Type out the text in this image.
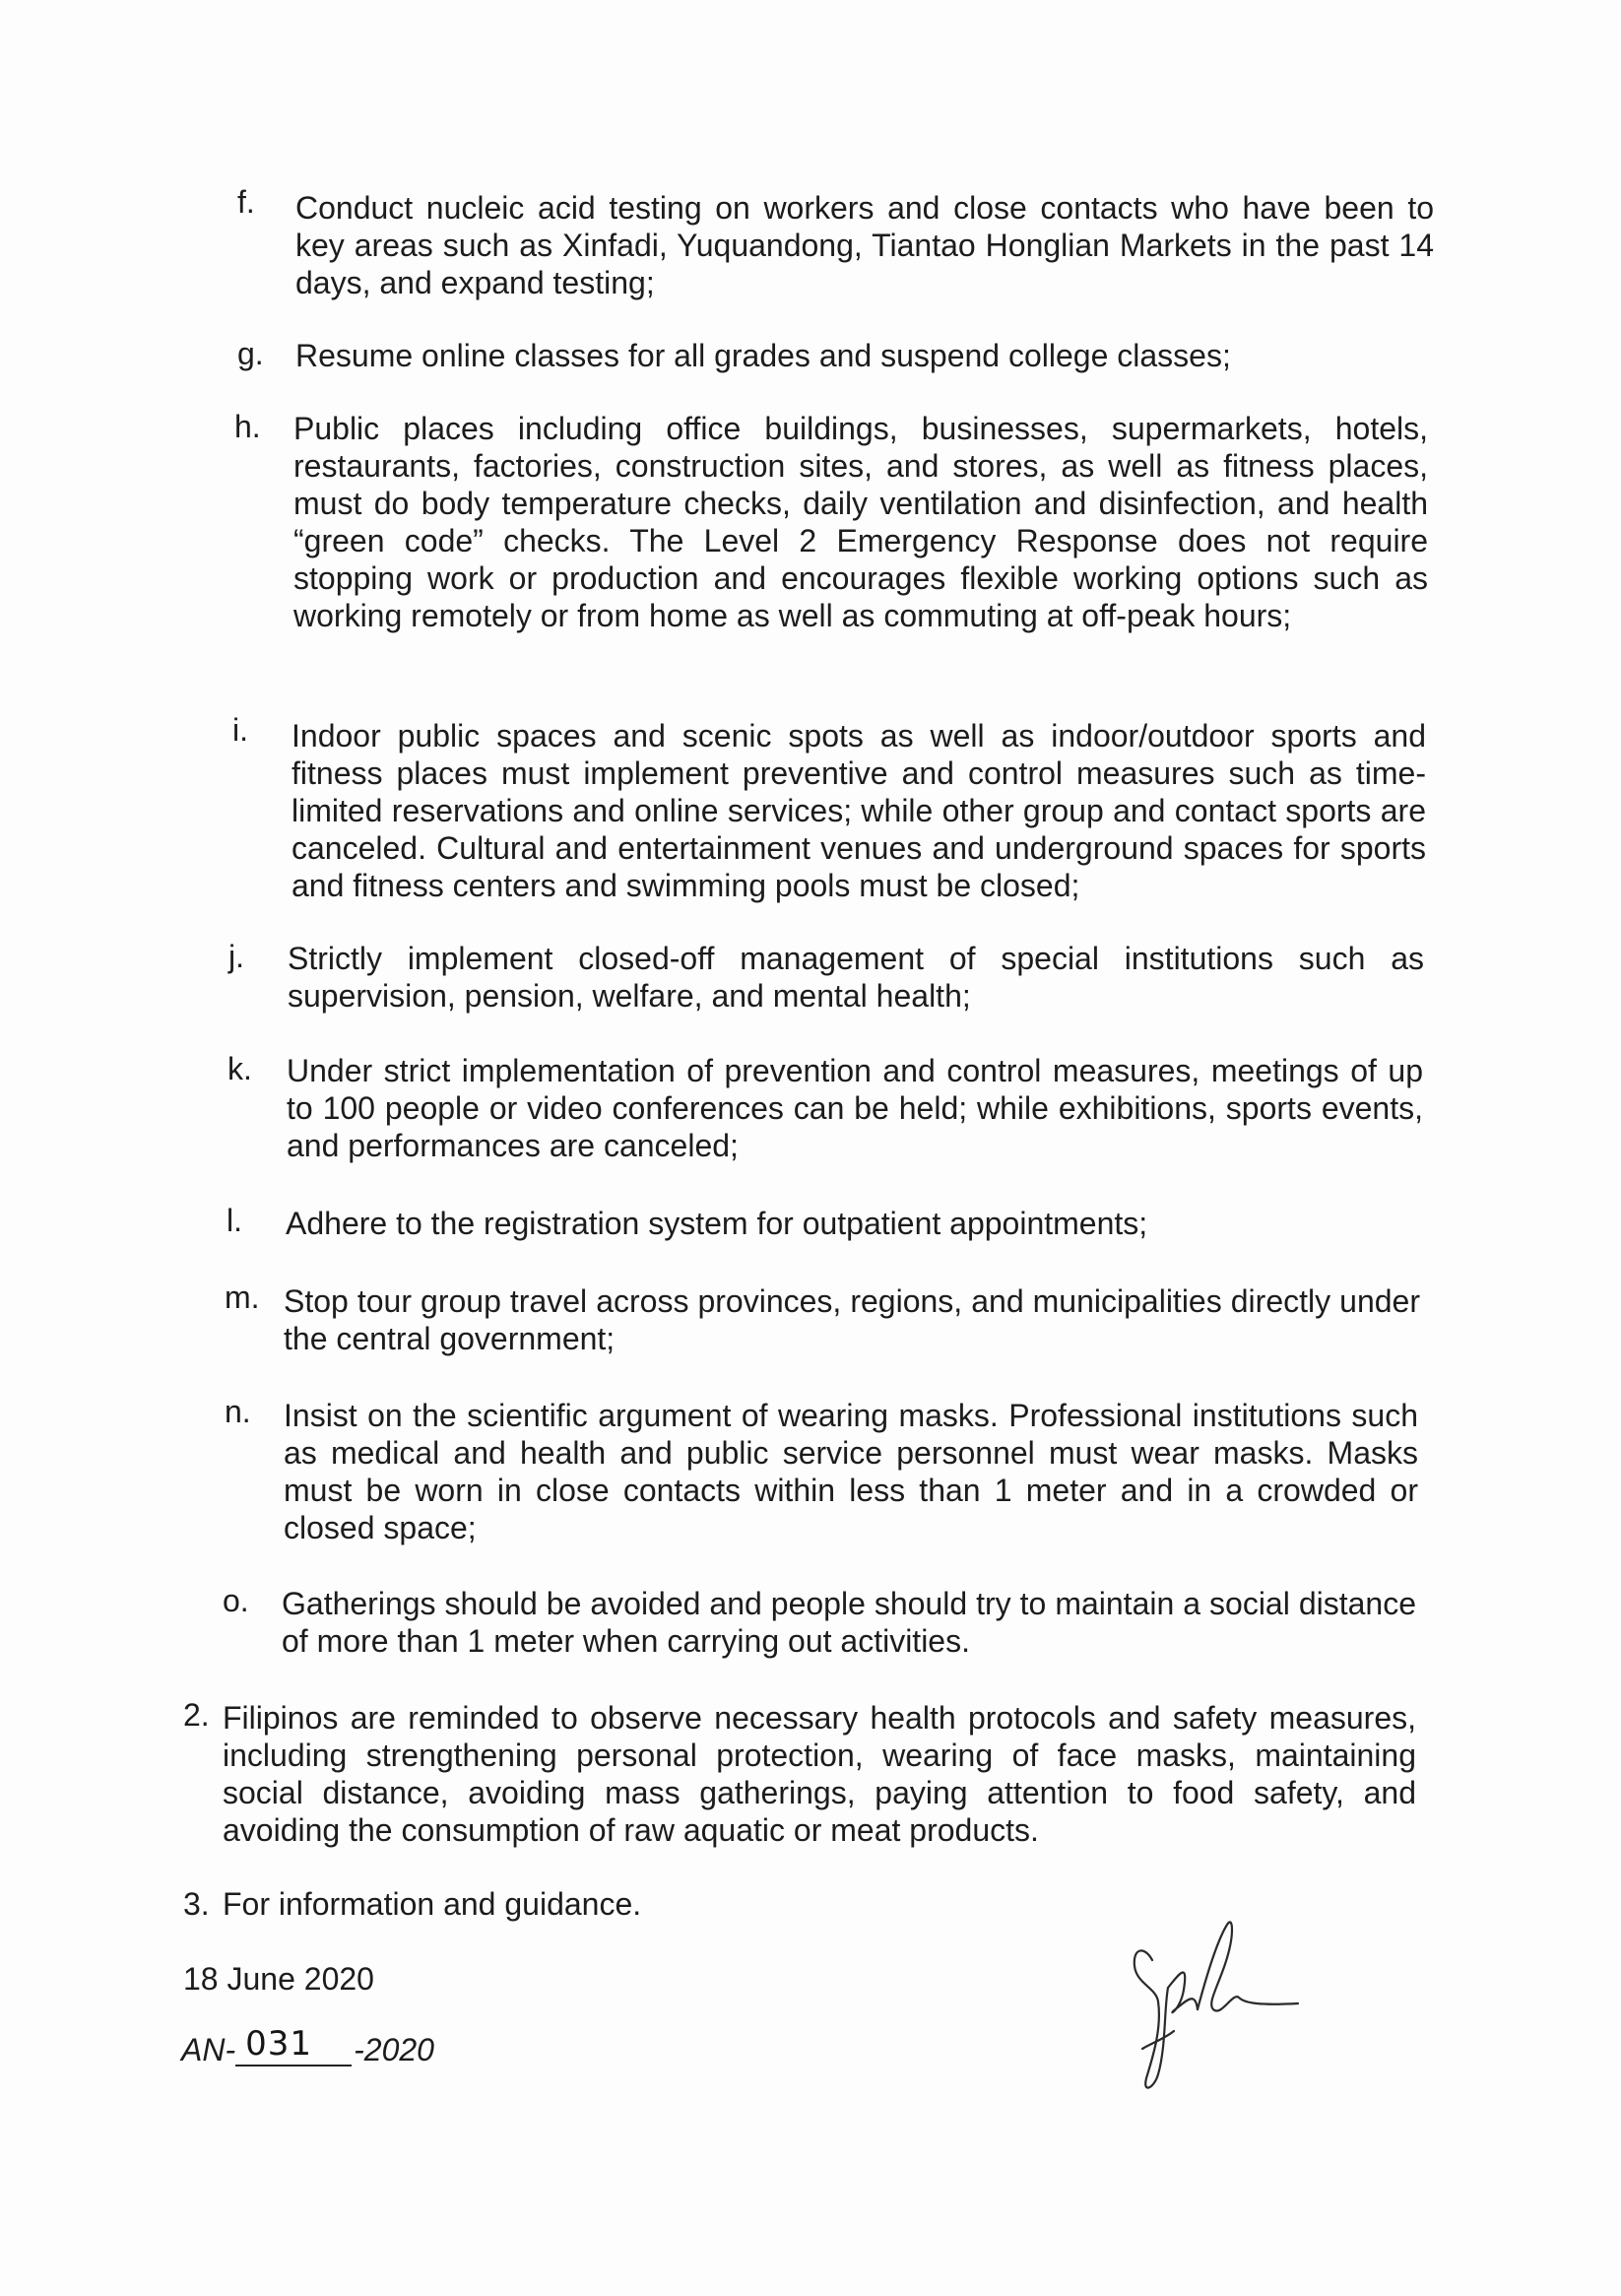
f. Conduct nucleic acid testing on workers and close contacts who have been to key areas such as Xinfadi, Yuquandong, Tiantao Honglian Markets in the past 14 days, and expand testing;

g. Resume online classes for all grades and suspend college classes;

h. Public places including office buildings, businesses, supermarkets, hotels, restaurants, factories, construction sites, and stores, as well as fitness places, must do body temperature checks, daily ventilation and disinfection, and health “green code” checks. The Level 2 Emergency Response does not require stopping work or production and encourages flexible working options such as working remotely or from home as well as commuting at off-peak hours;

i. Indoor public spaces and scenic spots as well as indoor/outdoor sports and fitness places must implement preventive and control measures such as time-limited reservations and online services; while other group and contact sports are canceled. Cultural and entertainment venues and underground spaces for sports and fitness centers and swimming pools must be closed;

j. Strictly implement closed-off management of special institutions such as supervision, pension, welfare, and mental health;

k. Under strict implementation of prevention and control measures, meetings of up to 100 people or video conferences can be held; while exhibitions, sports events, and performances are canceled;

l. Adhere to the registration system for outpatient appointments;

m. Stop tour group travel across provinces, regions, and municipalities directly under the central government;

n. Insist on the scientific argument of wearing masks. Professional institutions such as medical and health and public service personnel must wear masks. Masks must be worn in close contacts within less than 1 meter and in a crowded or closed space;

o. Gatherings should be avoided and people should try to maintain a social distance of more than 1 meter when carrying out activities.

2. Filipinos are reminded to observe necessary health protocols and safety measures, including strengthening personal protection, wearing of face masks, maintaining social distance, avoiding mass gatherings, paying attention to food safety, and avoiding the consumption of raw aquatic or meat products.

3. For information and guidance.

18 June 2020

AN- 031 -2020
